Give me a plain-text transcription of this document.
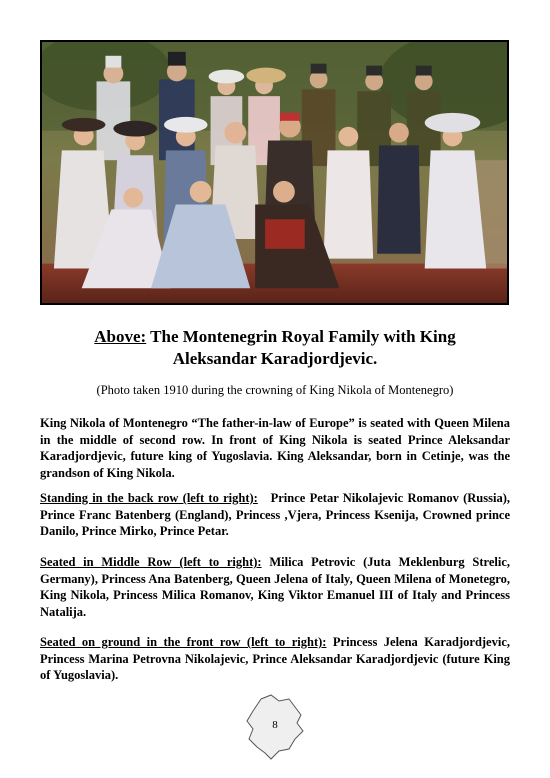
Above: The Montenegrin Royal Family with King
Aleksandar Karadjordjevic.
(Photo taken 1910 during the crowning of King Nikola of Montenegro)
King Nikola of Montenegro “The father-in-law of Europe” is seated with Queen Milena in the middle of second row. In front of King Nikola is seated Prince Aleksandar Karadjordjevic, future king of Yugoslavia. King Aleksandar, born in Cetinje, was the grandson of King Nikola.
Standing in the back row (left to right):   Prince Petar Nikolajevic Romanov (Russia), Prince Franc Batenberg (England), Princess ,Vjera, Princess Ksenija, Crowned prince Danilo, Prince Mirko, Prince Petar.
Seated in Middle Row (left to right): Milica Petrovic (Juta Meklenburg Strelic, Germany), Princess Ana Batenberg, Queen Jelena of Italy, Queen Milena of Monetegro, King Nikola, Princess Milica Romanov, King Viktor Emanuel III of Italy and Princess Natalija.
Seated on ground in the front row (left to right): Princess Jelena Karadjordjevic, Princess Marina Petrovna Nikolajevic, Prince Aleksandar Karadjordjevic (future King of Yugoslavia).
8
